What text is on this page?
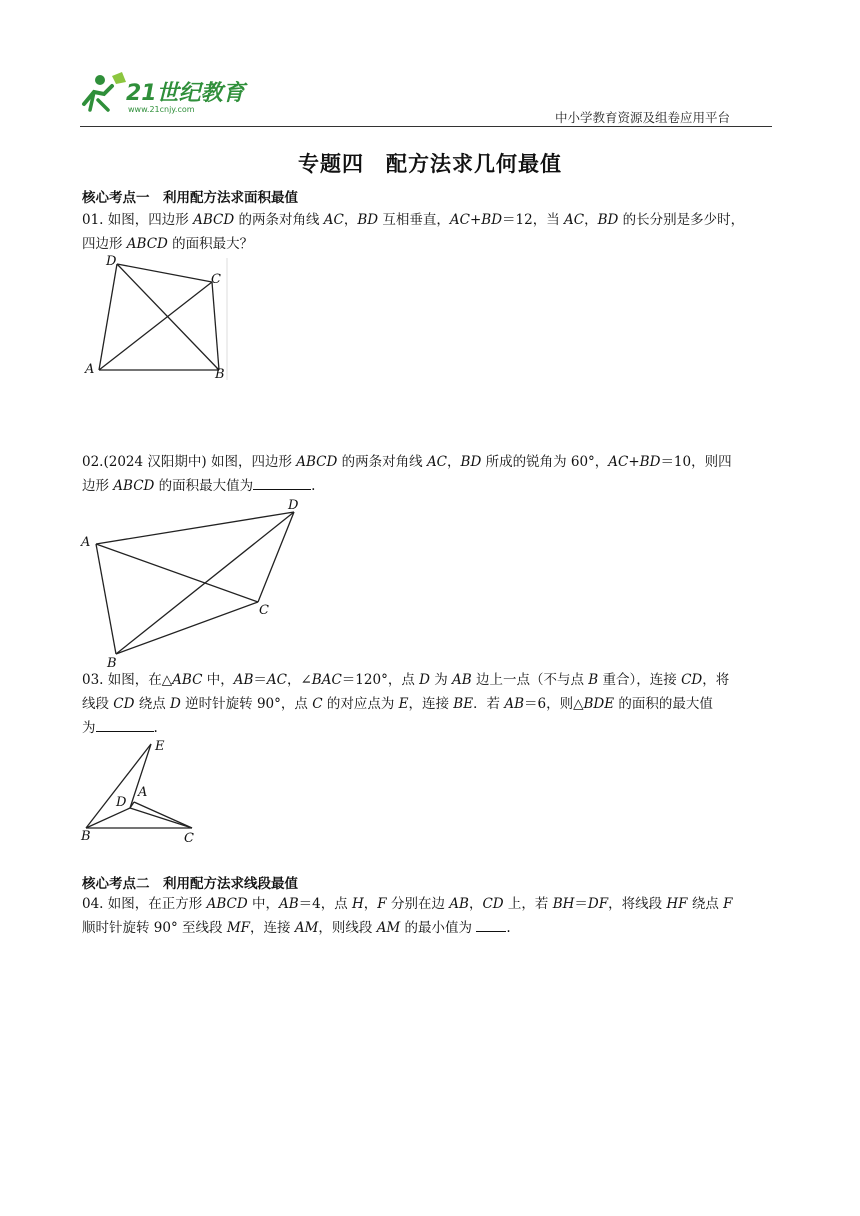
21世纪教育
www.21cnjy.com
中小学教育资源及组卷应用平台
专题四　配方法求几何最值
核心考点一　利用配方法求面积最值
01. 如图，四边形 ABCD 的两条对角线 AC，BD 互相垂直，AC+BD＝12，当 AC，BD 的长分别是多少时，
四边形 ABCD 的面积最大？
D
C
A	B
02.(2024 汉阳期中) 如图，四边形 ABCD 的两条对角线 AC，BD 所成的锐角为 60°，AC+BD＝10，则四
边形 ABCD 的面积最大值为	.
D
A
C
B
03. 如图，在△ABC 中，AB＝AC，∠BAC＝120°，点 D 为 AB 边上一点（不与点 B 重合），连接 CD，将
线段 CD 绕点 D 逆时针旋转 90°，点 C 的对应点为 E，连接 BE．若 AB＝6，则△BDE 的面积的最大值
为	.
E
D
A
B	C
核心考点二　利用配方法求线段最值
04. 如图，在正方形 ABCD 中，AB＝4，点 H，F 分别在边 AB，CD 上，若 BH＝DF，将线段 HF 绕点 F
顺时针旋转 90° 至线段 MF，连接 AM，则线段 AM 的最小值为	.
